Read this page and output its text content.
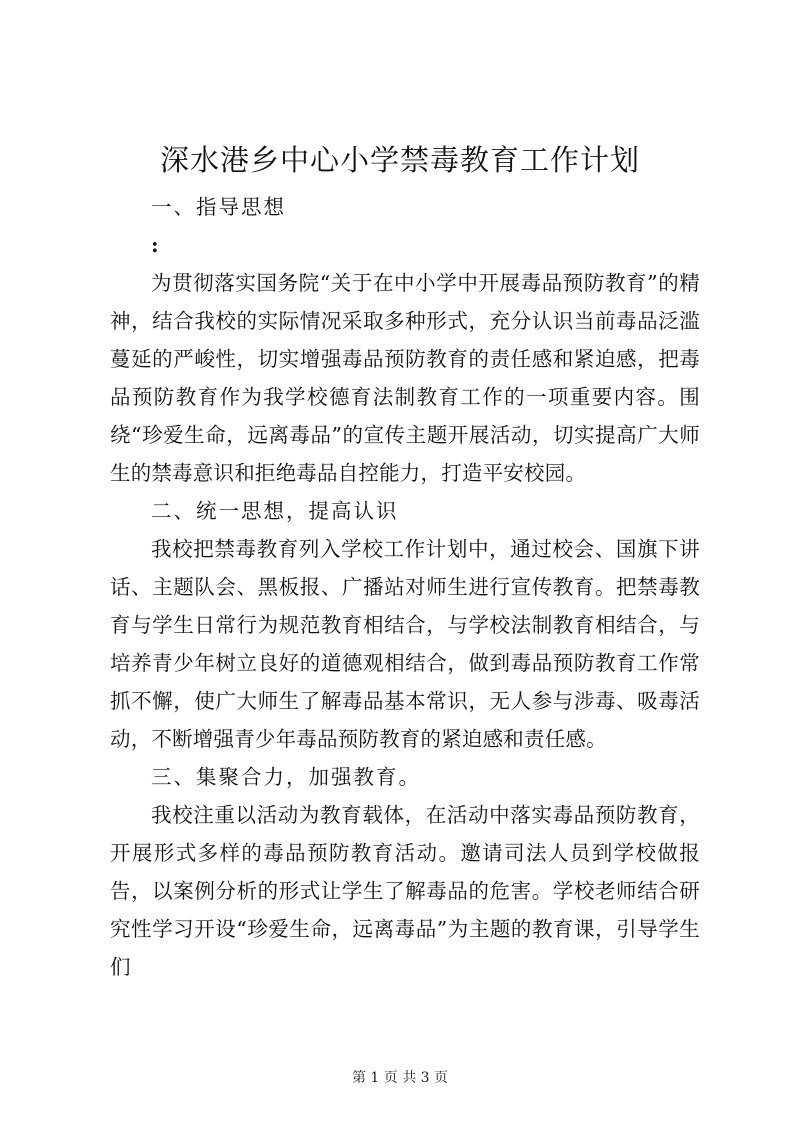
深水港乡中心小学禁毒教育工作计划

一、指导思想

:

为贯彻落实国务院“关于在中小学中开展毒品预防教育”的精神，结合我校的实际情况采取多种形式，充分认识当前毒品泛滥蔓延的严峻性，切实增强毒品预防教育的责任感和紧迫感，把毒品预防教育作为我学校德育法制教育工作的一项重要内容。围绕“珍爱生命，远离毒品”的宣传主题开展活动，切实提高广大师生的禁毒意识和拒绝毒品自控能力，打造平安校园。

二、统一思想，提高认识

我校把禁毒教育列入学校工作计划中，通过校会、国旗下讲话、主题队会、黑板报、广播站对师生进行宣传教育。把禁毒教育与学生日常行为规范教育相结合，与学校法制教育相结合，与培养青少年树立良好的道德观相结合，做到毒品预防教育工作常抓不懈，使广大师生了解毒品基本常识，无人参与涉毒、吸毒活动，不断增强青少年毒品预防教育的紧迫感和责任感。

三、集聚合力，加强教育。

我校注重以活动为教育载体，在活动中落实毒品预防教育，开展形式多样的毒品预防教育活动。邀请司法人员到学校做报告，以案例分析的形式让学生了解毒品的危害。学校老师结合研究性学习开设“珍爱生命，远离毒品”为主题的教育课，引导学生们

第 1 页 共 3 页
